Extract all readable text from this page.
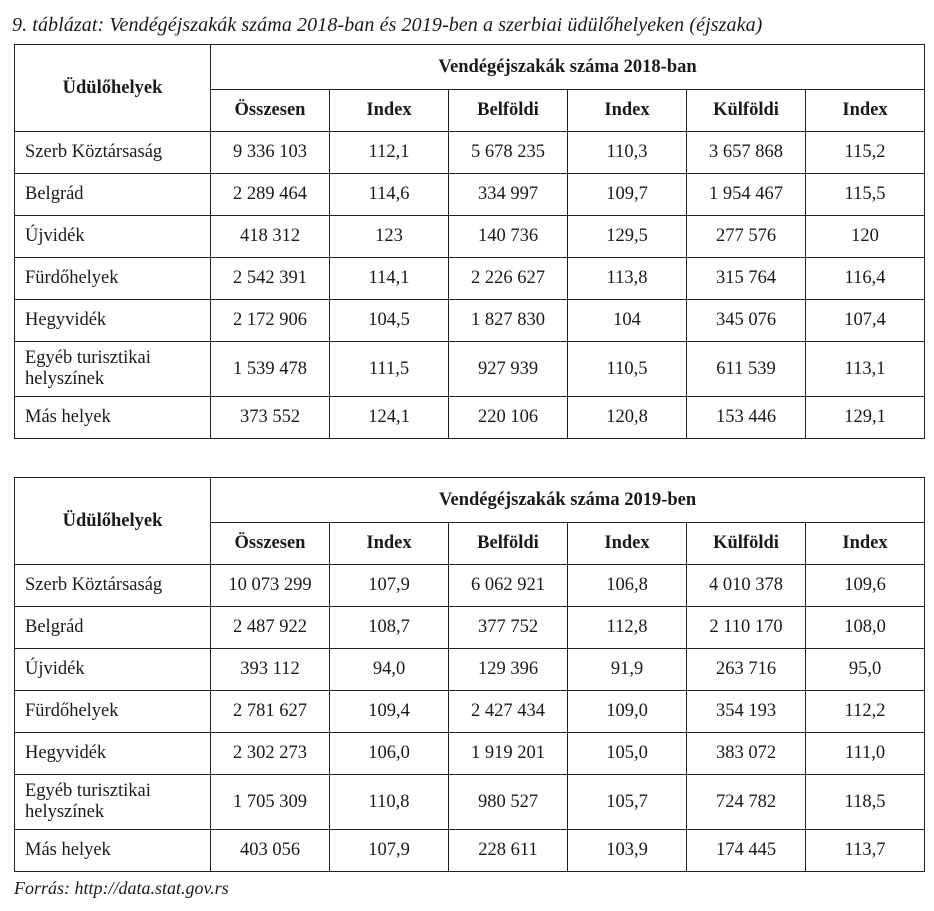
9. táblázat: Vendégéjszakák száma 2018-ban és 2019-ben a szerbiai üdülőhelyeken (éjszaka)
Üdülőhelyek	Vendégéjszakák száma 2018-ban					
	Összesen	Index	Belföldi	Index	Külföldi	Index
Szerb Köztársaság	9 336 103	112,1	5 678 235	110,3	3 657 868	115,2
Belgrád	2 289 464	114,6	334 997	109,7	1 954 467	115,5
Újvidék	418 312	123	140 736	129,5	277 576	120
Fürdőhelyek	2 542 391	114,1	2 226 627	113,8	315 764	116,4
Hegyvidék	2 172 906	104,5	1 827 830	104	345 076	107,4
Egyéb turisztikai helyszínek	1 539 478	111,5	927 939	110,5	611 539	113,1
Más helyek	373 552	124,1	220 106	120,8	153 446	129,1
Üdülőhelyek	Vendégéjszakák száma 2019-ben					
	Összesen	Index	Belföldi	Index	Külföldi	Index
Szerb Köztársaság	10 073 299	107,9	6 062 921	106,8	4 010 378	109,6
Belgrád	2 487 922	108,7	377 752	112,8	2 110 170	108,0
Újvidék	393 112	94,0	129 396	91,9	263 716	95,0
Fürdőhelyek	2 781 627	109,4	2 427 434	109,0	354 193	112,2
Hegyvidék	2 302 273	106,0	1 919 201	105,0	383 072	111,0
Egyéb turisztikai helyszínek	1 705 309	110,8	980 527	105,7	724 782	118,5
Más helyek	403 056	107,9	228 611	103,9	174 445	113,7
Forrás: http://data.stat.gov.rs
